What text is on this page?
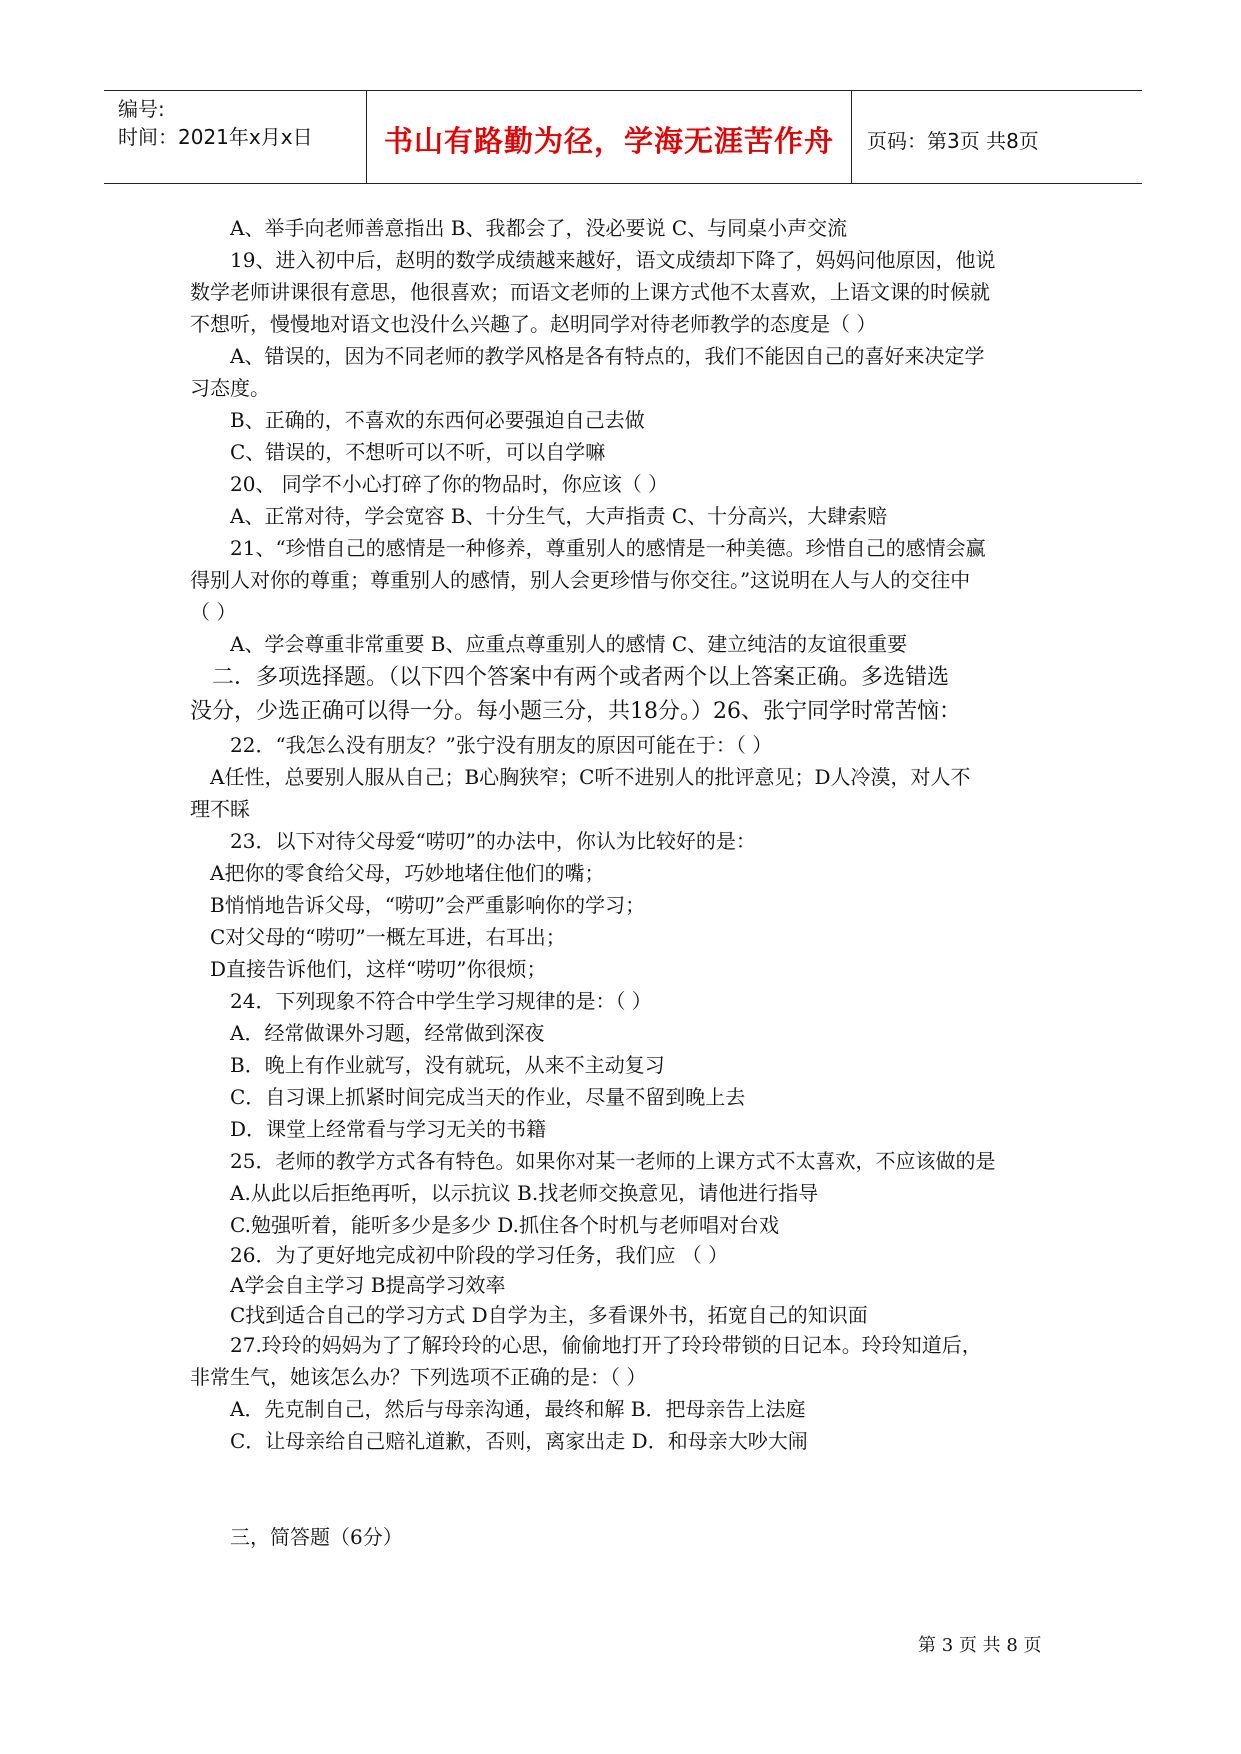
编号:
时间：2021年x月x日	书山有路勤为径，学海无涯苦作舟	页码：第3页 共8页
A、举手向老师善意指出 B、我都会了，没必要说 C、与同桌小声交流
19、进入初中后，赵明的数学成绩越来越好，语文成绩却下降了，妈妈问他原因，他说
数学老师讲课很有意思，他很喜欢；而语文老师的上课方式他不太喜欢，上语文课的时候就
不想听，慢慢地对语文也没什么兴趣了。赵明同学对待老师教学的态度是（ ）
A、错误的，因为不同老师的教学风格是各有特点的，我们不能因自己的喜好来决定学
习态度。
B、正确的，不喜欢的东西何必要强迫自己去做
C、错误的，不想听可以不听，可以自学嘛
20、 同学不小心打碎了你的物品时，你应该（ ）
A、正常对待，学会宽容 B、十分生气，大声指责 C、十分高兴，大肆索赔
21、“珍惜自己的感情是一种修养，尊重别人的感情是一种美德。珍惜自己的感情会赢
得别人对你的尊重；尊重别人的感情，别人会更珍惜与你交往。”这说明在人与人的交往中
（ ）
A、学会尊重非常重要 B、应重点尊重别人的感情 C、建立纯洁的友谊很重要
二．多项选择题。（以下四个答案中有两个或者两个以上答案正确。多选错选
没分，少选正确可以得一分。每小题三分，共18分。）26、张宁同学时常苦恼：
22．“我怎么没有朋友？”张宁没有朋友的原因可能在于：（ ）
A任性，总要别人服从自己；B心胸狭窄；C听不进别人的批评意见；D人冷漠，对人不
理不睬
23．以下对待父母爱“唠叨”的办法中，你认为比较好的是：
A把你的零食给父母，巧妙地堵住他们的嘴；
B悄悄地告诉父母，“唠叨”会严重影响你的学习；
C对父母的“唠叨”一概左耳进，右耳出；
D直接告诉他们，这样“唠叨”你很烦；
24．下列现象不符合中学生学习规律的是：（ ）
A．经常做课外习题，经常做到深夜
B．晚上有作业就写，没有就玩，从来不主动复习
C．自习课上抓紧时间完成当天的作业，尽量不留到晚上去
D．课堂上经常看与学习无关的书籍
25．老师的教学方式各有特色。如果你对某一老师的上课方式不太喜欢，不应该做的是
A.从此以后拒绝再听，以示抗议 B.找老师交换意见，请他进行指导
C.勉强听着，能听多少是多少 D.抓住各个时机与老师唱对台戏
26．为了更好地完成初中阶段的学习任务，我们应 （ ）
A学会自主学习 B提高学习效率
C找到适合自己的学习方式 D自学为主，多看课外书，拓宽自己的知识面
27.玲玲的妈妈为了了解玲玲的心思，偷偷地打开了玲玲带锁的日记本。玲玲知道后，
非常生气，她该怎么办？下列选项不正确的是：（ ）
A．先克制自己，然后与母亲沟通，最终和解 B．把母亲告上法庭
C．让母亲给自己赔礼道歉，否则，离家出走 D．和母亲大吵大闹
三，简答题（6分）
第 3 页 共 8 页
